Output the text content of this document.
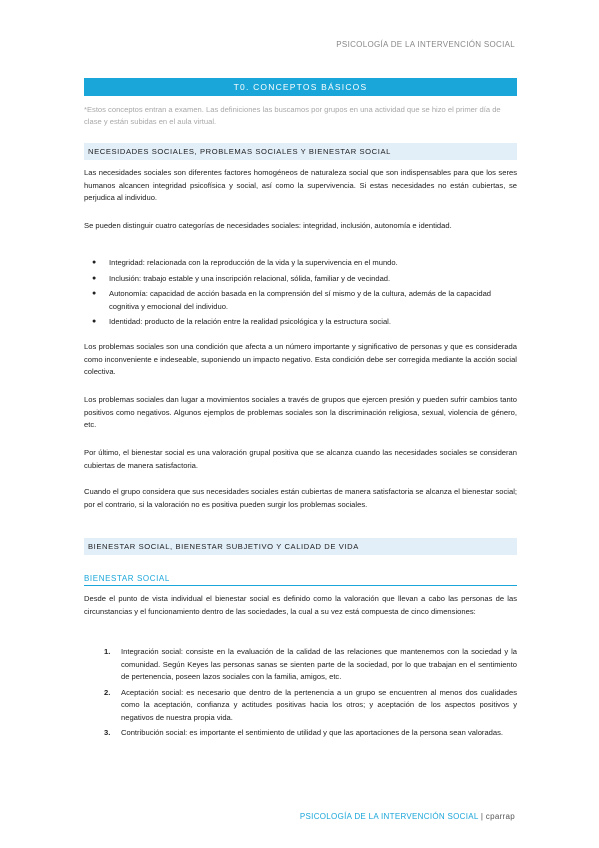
PSICOLOGÍA DE LA INTERVENCIÓN SOCIAL
T0. CONCEPTOS BÁSICOS
*Estos conceptos entran a examen. Las definiciones las buscamos por grupos en una actividad que se hizo el primer día de clase y están subidas en el aula virtual.
NECESIDADES SOCIALES, PROBLEMAS SOCIALES Y BIENESTAR SOCIAL

Las necesidades sociales son diferentes factores homogéneos de naturaleza social que son indispensables para que los seres humanos alcancen integridad psicofísica y social, así como la supervivencia. Si estas necesidades no están cubiertas, se perjudica al individuo.

Se pueden distinguir cuatro categorías de necesidades sociales: integridad, inclusión, autonomía e identidad.

● Integridad: relacionada con la reproducción de la vida y la supervivencia en el mundo.
● Inclusión: trabajo estable y una inscripción relacional, sólida, familiar y de vecindad.
● Autonomía: capacidad de acción basada en la comprensión del sí mismo y de la cultura, además de la capacidad cognitiva y emocional del individuo.
● Identidad: producto de la relación entre la realidad psicológica y la estructura social.

Los problemas sociales son una condición que afecta a un número importante y significativo de personas y que es considerada como inconveniente e indeseable, suponiendo un impacto negativo. Esta condición debe ser corregida mediante la acción social colectiva.

Los problemas sociales dan lugar a movimientos sociales a través de grupos que ejercen presión y pueden sufrir cambios tanto positivos como negativos. Algunos ejemplos de problemas sociales son la discriminación religiosa, sexual, violencia de género, etc.

Por último, el bienestar social es una valoración grupal positiva que se alcanza cuando las necesidades sociales se consideran cubiertas de manera satisfactoria.

Cuando el grupo considera que sus necesidades sociales están cubiertas de manera satisfactoria se alcanza el bienestar social; por el contrario, si la valoración no es positiva pueden surgir los problemas sociales.

BIENESTAR SOCIAL, BIENESTAR SUBJETIVO Y CALIDAD DE VIDA
BIENESTAR SOCIAL

Desde el punto de vista individual el bienestar social es definido como la valoración que llevan a cabo las personas de las circunstancias y el funcionamiento dentro de las sociedades, la cual a su vez está compuesta de cinco dimensiones:

1. Integración social: consiste en la evaluación de la calidad de las relaciones que mantenemos con la sociedad y la comunidad. Según Keyes las personas sanas se sienten parte de la sociedad, por lo que trabajan en el sentimiento de pertenencia, poseen lazos sociales con la familia, amigos, etc.
2. Aceptación social: es necesario que dentro de la pertenencia a un grupo se encuentren al menos dos cualidades como la aceptación, confianza y actitudes positivas hacia los otros; y aceptación de los aspectos positivos y negativos de nuestra propia vida.
3. Contribución social: es importante el sentimiento de utilidad y que las aportaciones de la persona sean valoradas.
PSICOLOGÍA DE LA INTERVENCIÓN SOCIAL | cparrap
